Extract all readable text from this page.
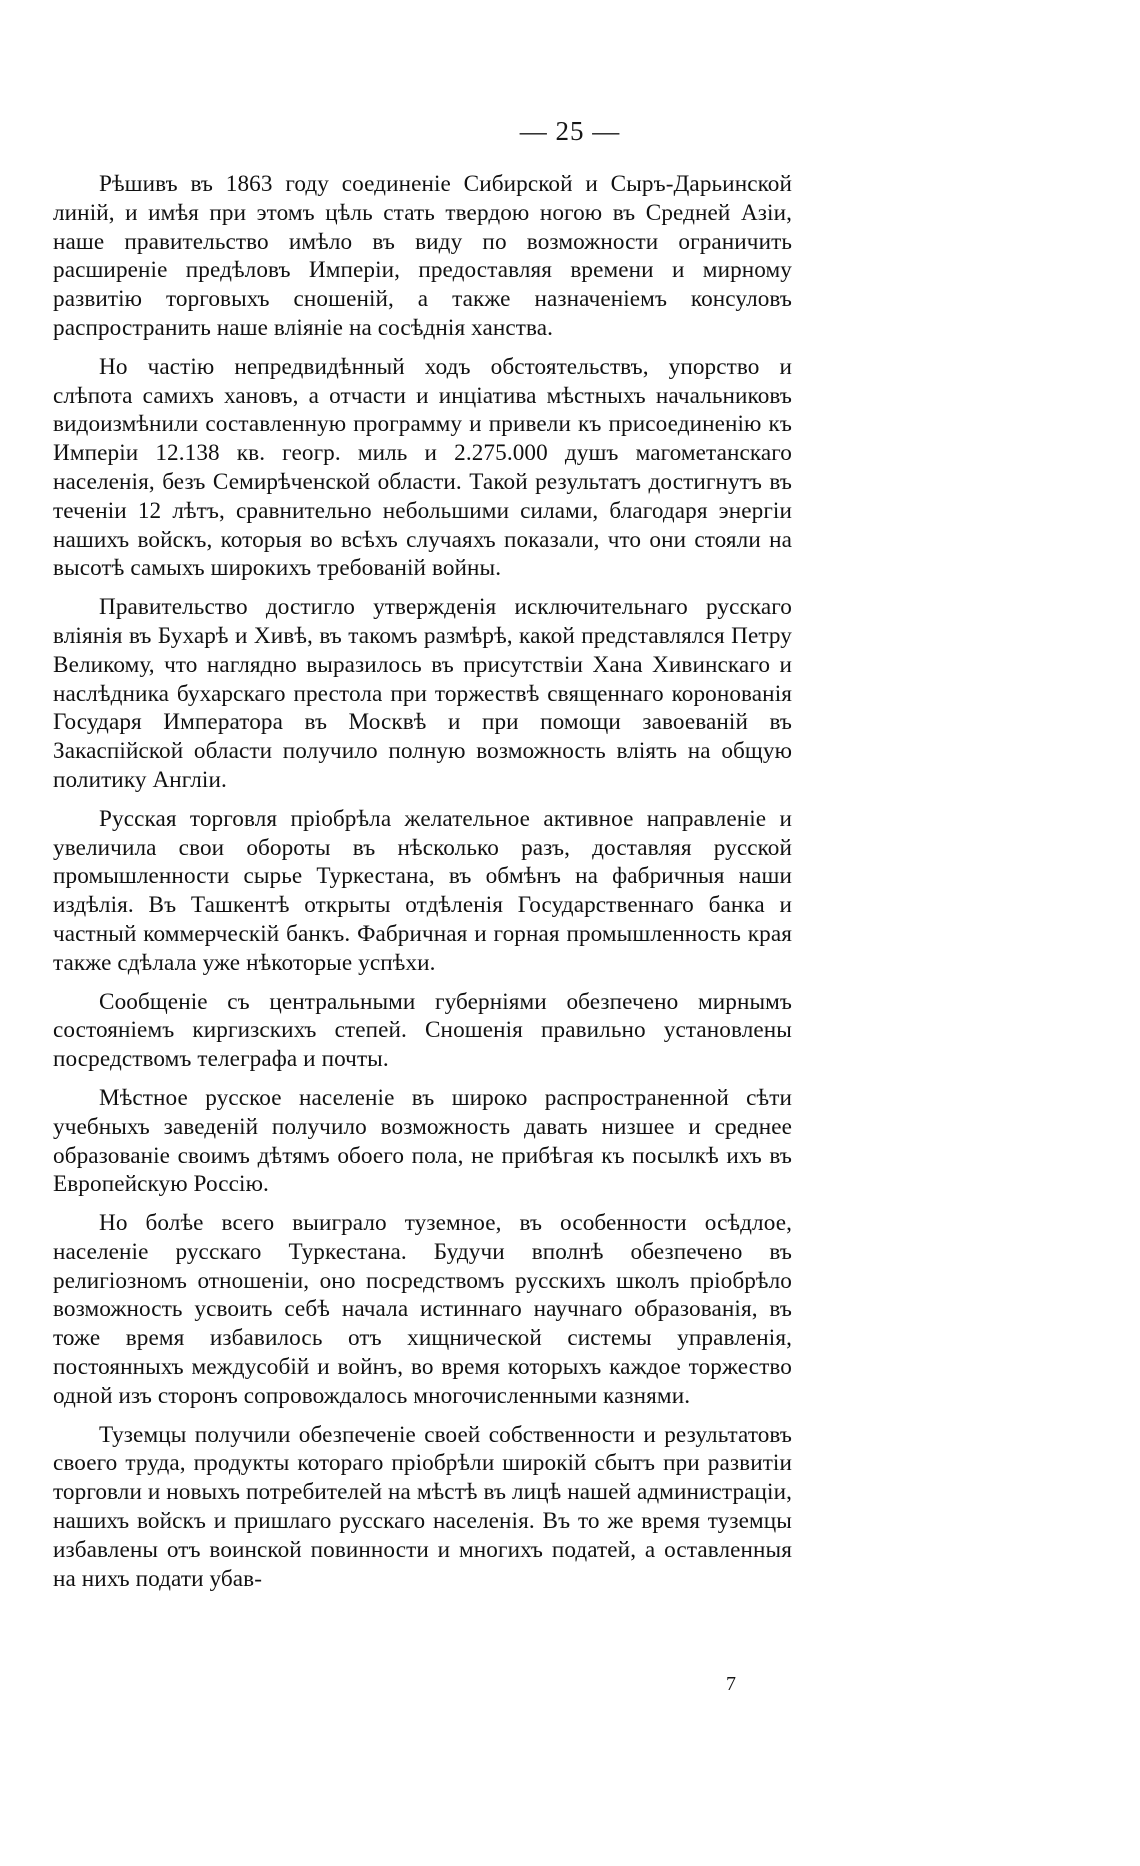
— 25 —

Рѣшивъ въ 1863 году соединеніе Сибирской и Сыръ-Дарьинской линій, и имѣя при этомъ цѣль стать твердою ногою въ Средней Азіи, наше правительство имѣло въ виду по возможности ограничить расширеніе предѣловъ Имперіи, предоставляя времени и мирному развитію торговыхъ сношеній, а также назначеніемъ консуловъ распространить наше вліяніе на сосѣднія ханства.

Но частію непредвидѣнный ходъ обстоятельствъ, упорство и слѣпота самихъ хановъ, а отчасти и инціатива мѣстныхъ начальниковъ видоизмѣнили составленную программу и привели къ присоединенію къ Имперіи 12.138 кв. геогр. миль и 2.275.000 душъ магометанскаго населенія, безъ Семирѣченской области. Такой результатъ достигнутъ въ теченіи 12 лѣтъ, сравнительно небольшими силами, благодаря энергіи нашихъ войскъ, которыя во всѣхъ случаяхъ показали, что они стояли на высотѣ самыхъ широкихъ требованій войны.

Правительство достигло утвержденія исключительнаго русскаго вліянія въ Бухарѣ и Хивѣ, въ такомъ размѣрѣ, какой представлялся Петру Великому, что наглядно выразилось въ присутствіи Хана Хивинскаго и наслѣдника бухарскаго престола при торжествѣ священнаго коронованія Государя Императора въ Москвѣ и при помощи завоеваній въ Закаспійской области получило полную возможность вліять на общую политику Англіи.

Русская торговля пріобрѣла желательное активное направленіе и увеличила свои обороты въ нѣсколько разъ, доставляя русской промышленности сырье Туркестана, въ обмѣнъ на фабричныя наши издѣлія. Въ Ташкентѣ открыты отдѣленія Государственнаго банка и частный коммерческій банкъ. Фабричная и горная промышленность края также сдѣлала уже нѣкоторые успѣхи.

Сообщеніе съ центральными губерніями обезпечено мирнымъ состояніемъ киргизскихъ степей. Сношенія правильно установлены посредствомъ телеграфа и почты.

Мѣстное русское населеніе въ широко распространенной сѣти учебныхъ заведеній получило возможность давать низшее и среднее образованіе своимъ дѣтямъ обоего пола, не прибѣгая къ посылкѣ ихъ въ Европейскую Россію.

Но болѣе всего выиграло туземное, въ особенности осѣдлое, населеніе русскаго Туркестана. Будучи вполнѣ обезпечено въ религіозномъ отношеніи, оно посредствомъ русскихъ школъ пріобрѣло возможность усвоить себѣ начала истиннаго научнаго образованія, въ тоже время избавилось отъ хищнической системы управленія, постоянныхъ междусобій и войнъ, во время которыхъ каждое торжество одной изъ сторонъ сопровождалось многочисленными казнями.

Туземцы получили обезпеченіе своей собственности и результатовъ своего труда, продукты котораго пріобрѣли широкій сбытъ при развитіи торговли и новыхъ потребителей на мѣстѣ въ лицѣ нашей администраціи, нашихъ войскъ и пришлаго русскаго населенія. Въ то же время туземцы избавлены отъ воинской повинности и многихъ податей, а оставленныя на нихъ подати убав-

7
